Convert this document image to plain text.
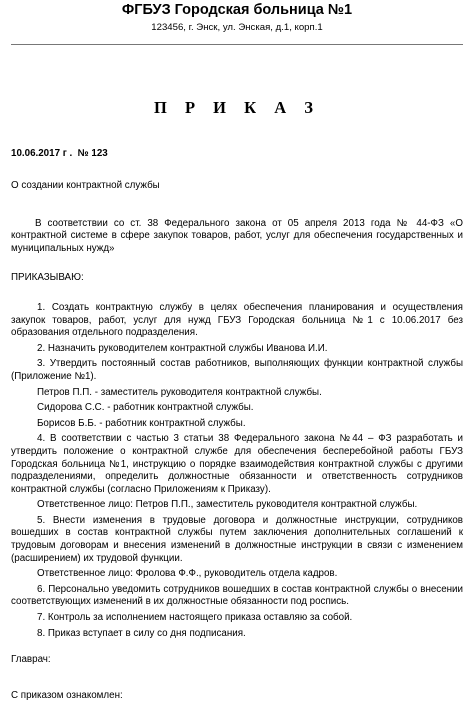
ФГБУЗ Городская больница №1
123456, г. Энск, ул. Энская, д.1, корп.1
П Р И К А З
10.06.2017 г . № 123

О создании контрактной службы

В соответствии со ст. 38 Федерального закона от 05 апреля 2013 года № 44-ФЗ «О контрактной системе в сфере закупок товаров, работ, услуг для обеспечения государственных и муниципальных нужд»

ПРИКАЗЫВАЮ:

1. Создать контрактную службу в целях обеспечения планирования и осуществления закупок товаров, работ, услуг для нужд ГБУЗ Городская больница №1 с 10.06.2017 без образования отдельного подразделения.

2. Назначить руководителем контрактной службы Иванова И.И.

3. Утвердить постоянный состав работников, выполняющих функции контрактной службы (Приложение №1).

Петров П.П. - заместитель руководителя контрактной службы.

Сидорова С.С. - работник контрактной службы.

Борисов Б.Б. - работник контрактной службы.

4. В соответствии с частью 3 статьи 38 Федерального закона №44 – ФЗ разработать и утвердить положение о контрактной службе для обеспечения бесперебойной работы ГБУЗ Городская больница №1, инструкцию о порядке взаимодействия контрактной службы с другими подразделениями, определить должностные обязанности и ответственность сотрудников контрактной службы (согласно Приложениям к Приказу).

Ответственное лицо: Петров П.П., заместитель руководителя контрактной службы.

5. Внести изменения в трудовые договора и должностные инструкции, сотрудников вошедших в состав контрактной службы путем заключения дополнительных соглашений к трудовым договорам и внесения изменений в должностные инструкции в связи с изменением (расширением) их трудовой функции.

Ответственное лицо: Фролова Ф.Ф., руководитель отдела кадров.

6. Персонально уведомить сотрудников вошедших в состав контрактной службы о внесении соответствующих изменений в их должностные обязанности под роспись.

7. Контроль за исполнением настоящего приказа оставляю за собой.

8. Приказ вступает в силу со дня подписания.

Главрач:

С приказом ознакомлен:
